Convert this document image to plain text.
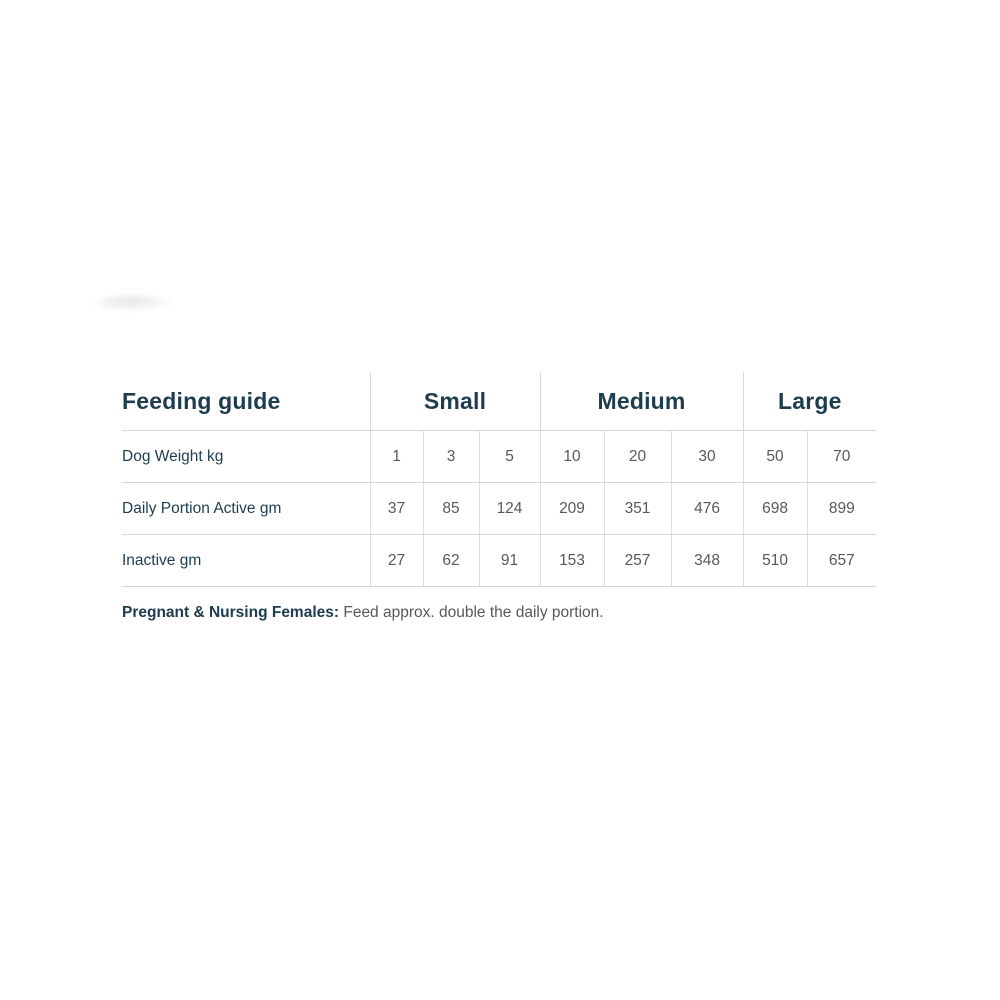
Feeding guide	Small			Medium			Large	
Dog Weight kg	1	3	5	10	20	30	50	70
Daily Portion Active gm	37	85	124	209	351	476	698	899
Inactive gm	27	62	91	153	257	348	510	657

Pregnant & Nursing Females: Feed approx. double the daily portion.
